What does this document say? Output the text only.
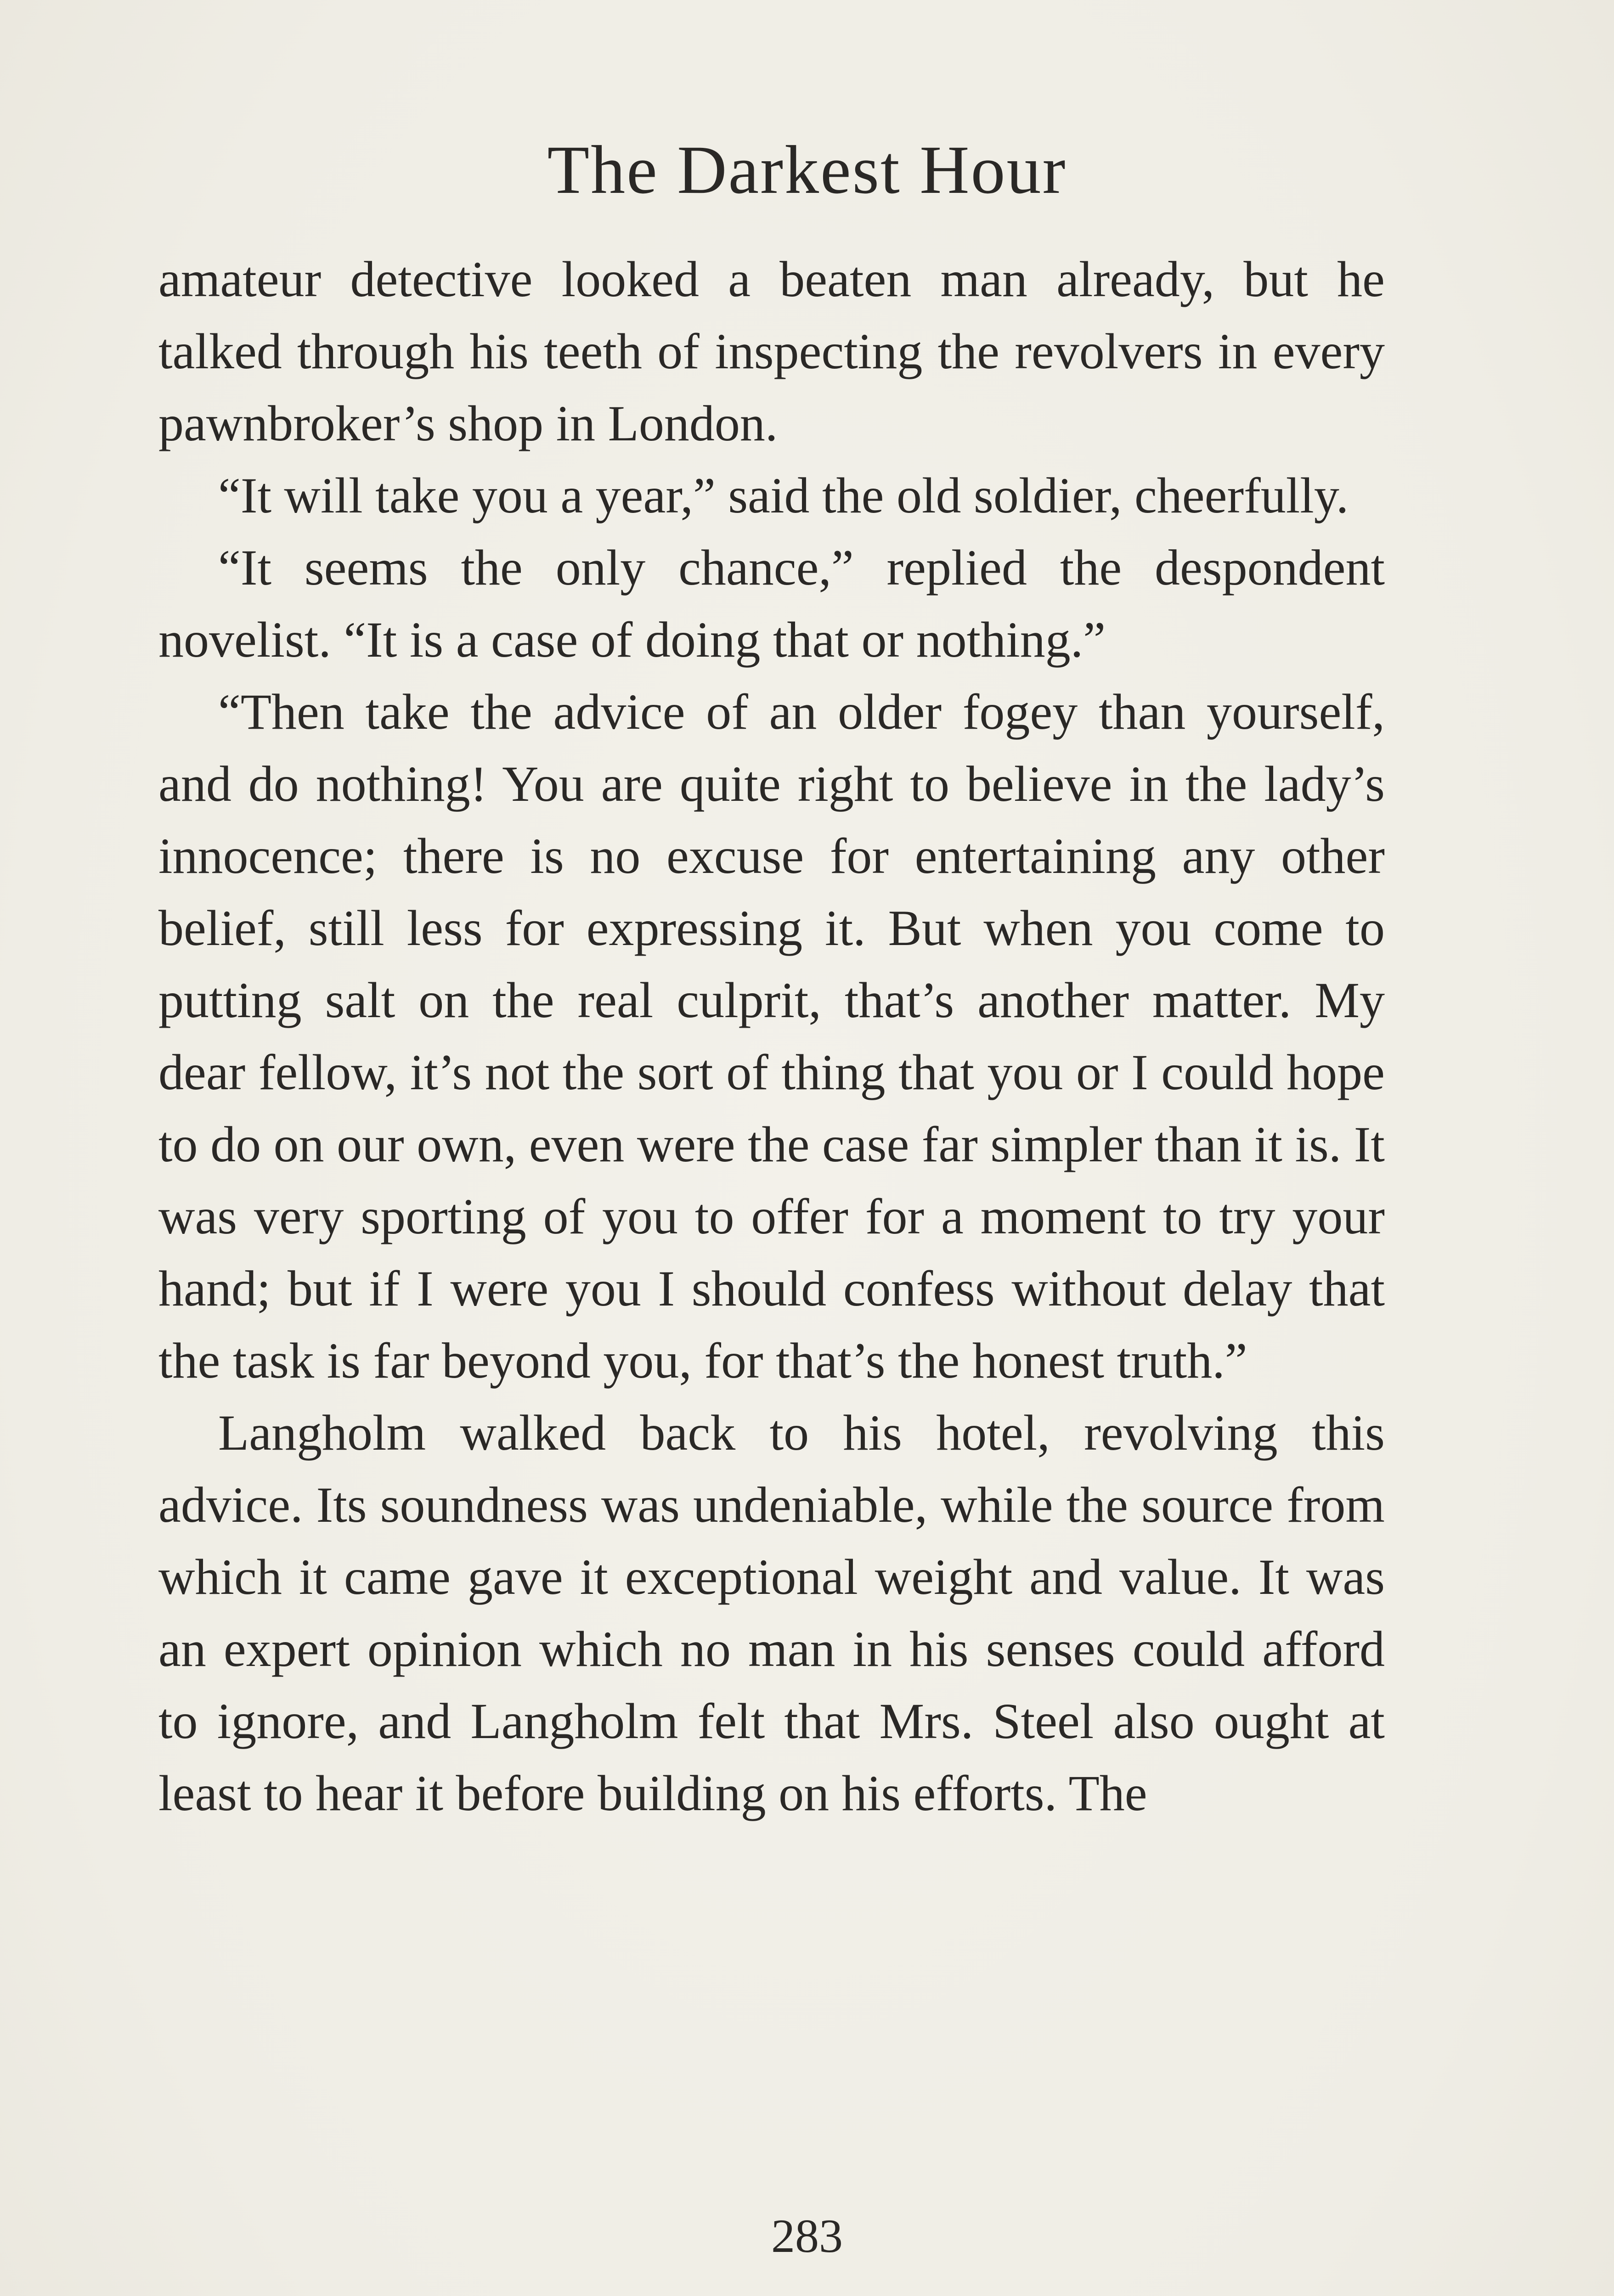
The Darkest Hour

amateur detective looked a beaten man already, but he talked through his teeth of inspecting the revolvers in every pawnbroker’s shop in London.

“It will take you a year,” said the old soldier, cheerfully.

“It seems the only chance,” replied the despondent novelist. “It is a case of doing that or nothing.”

“Then take the advice of an older fogey than yourself, and do nothing! You are quite right to believe in the lady’s innocence; there is no excuse for entertaining any other belief, still less for expressing it. But when you come to putting salt on the real culprit, that’s another matter. My dear fellow, it’s not the sort of thing that you or I could hope to do on our own, even were the case far simpler than it is. It was very sporting of you to offer for a moment to try your hand; but if I were you I should confess without delay that the task is far beyond you, for that’s the honest truth.”

Langholm walked back to his hotel, revolving this advice. Its soundness was undeniable, while the source from which it came gave it exceptional weight and value. It was an expert opinion which no man in his senses could afford to ignore, and Langholm felt that Mrs. Steel also ought at least to hear it before building on his efforts. The

283
